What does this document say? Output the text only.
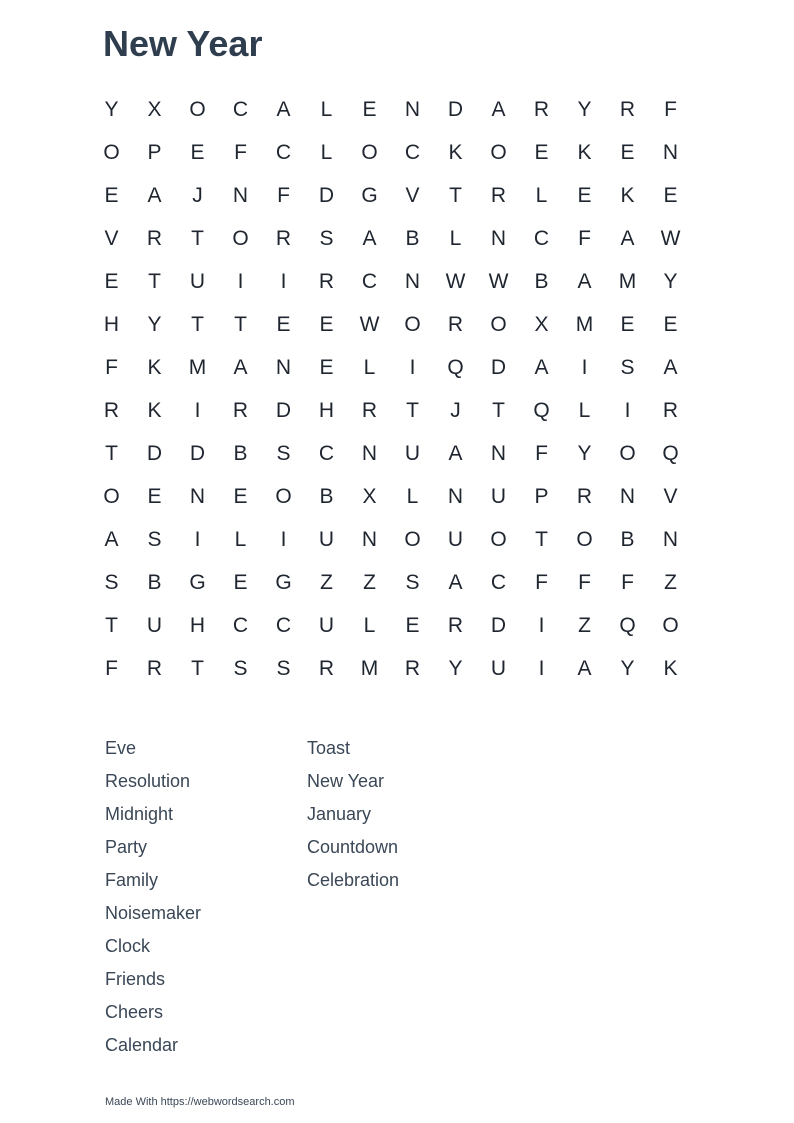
New Year
Y	X	O	C	A	L	E	N	D	A	R	Y	R	F
O	P	E	F	C	L	O	C	K	O	E	K	E	N
E	A	J	N	F	D	G	V	T	R	L	E	K	E
V	R	T	O	R	S	A	B	L	N	C	F	A	W
E	T	U	I	I	R	C	N	W	W	B	A	M	Y
H	Y	T	T	E	E	W	O	R	O	X	M	E	E
F	K	M	A	N	E	L	I	Q	D	A	I	S	A
R	K	I	R	D	H	R	T	J	T	Q	L	I	R
T	D	D	B	S	C	N	U	A	N	F	Y	O	Q
O	E	N	E	O	B	X	L	N	U	P	R	N	V
A	S	I	L	I	U	N	O	U	O	T	O	B	N
S	B	G	E	G	Z	Z	S	A	C	F	F	F	Z
T	U	H	C	C	U	L	E	R	D	I	Z	Q	O
F	R	T	S	S	R	M	R	Y	U	I	A	Y	K
Eve
Resolution
Midnight
Party
Family
Noisemaker
Clock
Friends
Cheers
Calendar
Toast
New Year
January
Countdown
Celebration
Made With https://webwordsearch.com
